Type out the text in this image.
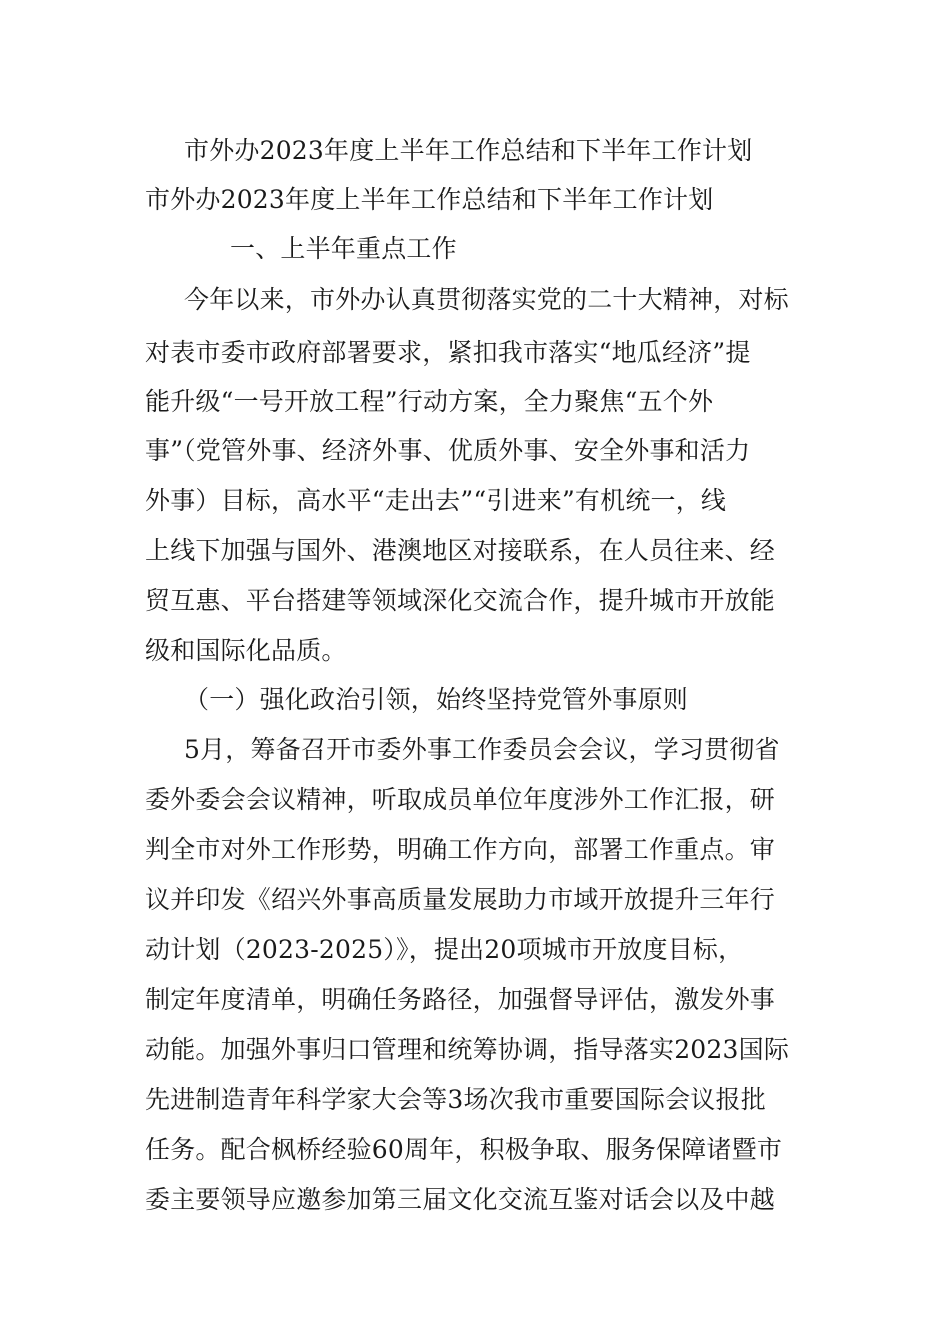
市外办2023年度上半年工作总结和下半年工作计划
市外办2023年度上半年工作总结和下半年工作计划
一、上半年重点工作
今年以来，市外办认真贯彻落实党的二十大精神，对标
对表市委市政府部署要求，紧扣我市落实“地瓜经济”提
能升级“一号开放工程”行动方案，全力聚焦“五个外
事”（党管外事、经济外事、优质外事、安全外事和活力
外事）目标，高水平“走出去”“引进来”有机统一，线
上线下加强与国外、港澳地区对接联系，在人员往来、经
贸互惠、平台搭建等领域深化交流合作，提升城市开放能
级和国际化品质。
（一）强化政治引领，始终坚持党管外事原则
5月，筹备召开市委外事工作委员会会议，学习贯彻省
委外委会会议精神，听取成员单位年度涉外工作汇报，研
判全市对外工作形势，明确工作方向，部署工作重点。审
议并印发《绍兴外事高质量发展助力市域开放提升三年行
动计划（2023-2025）》，提出20项城市开放度目标，
制定年度清单，明确任务路径，加强督导评估，激发外事
动能。加强外事归口管理和统筹协调，指导落实2023国际
先进制造青年科学家大会等3场次我市重要国际会议报批
任务。配合枫桥经验60周年，积极争取、服务保障诸暨市
委主要领导应邀参加第三届文化交流互鉴对话会以及中越
